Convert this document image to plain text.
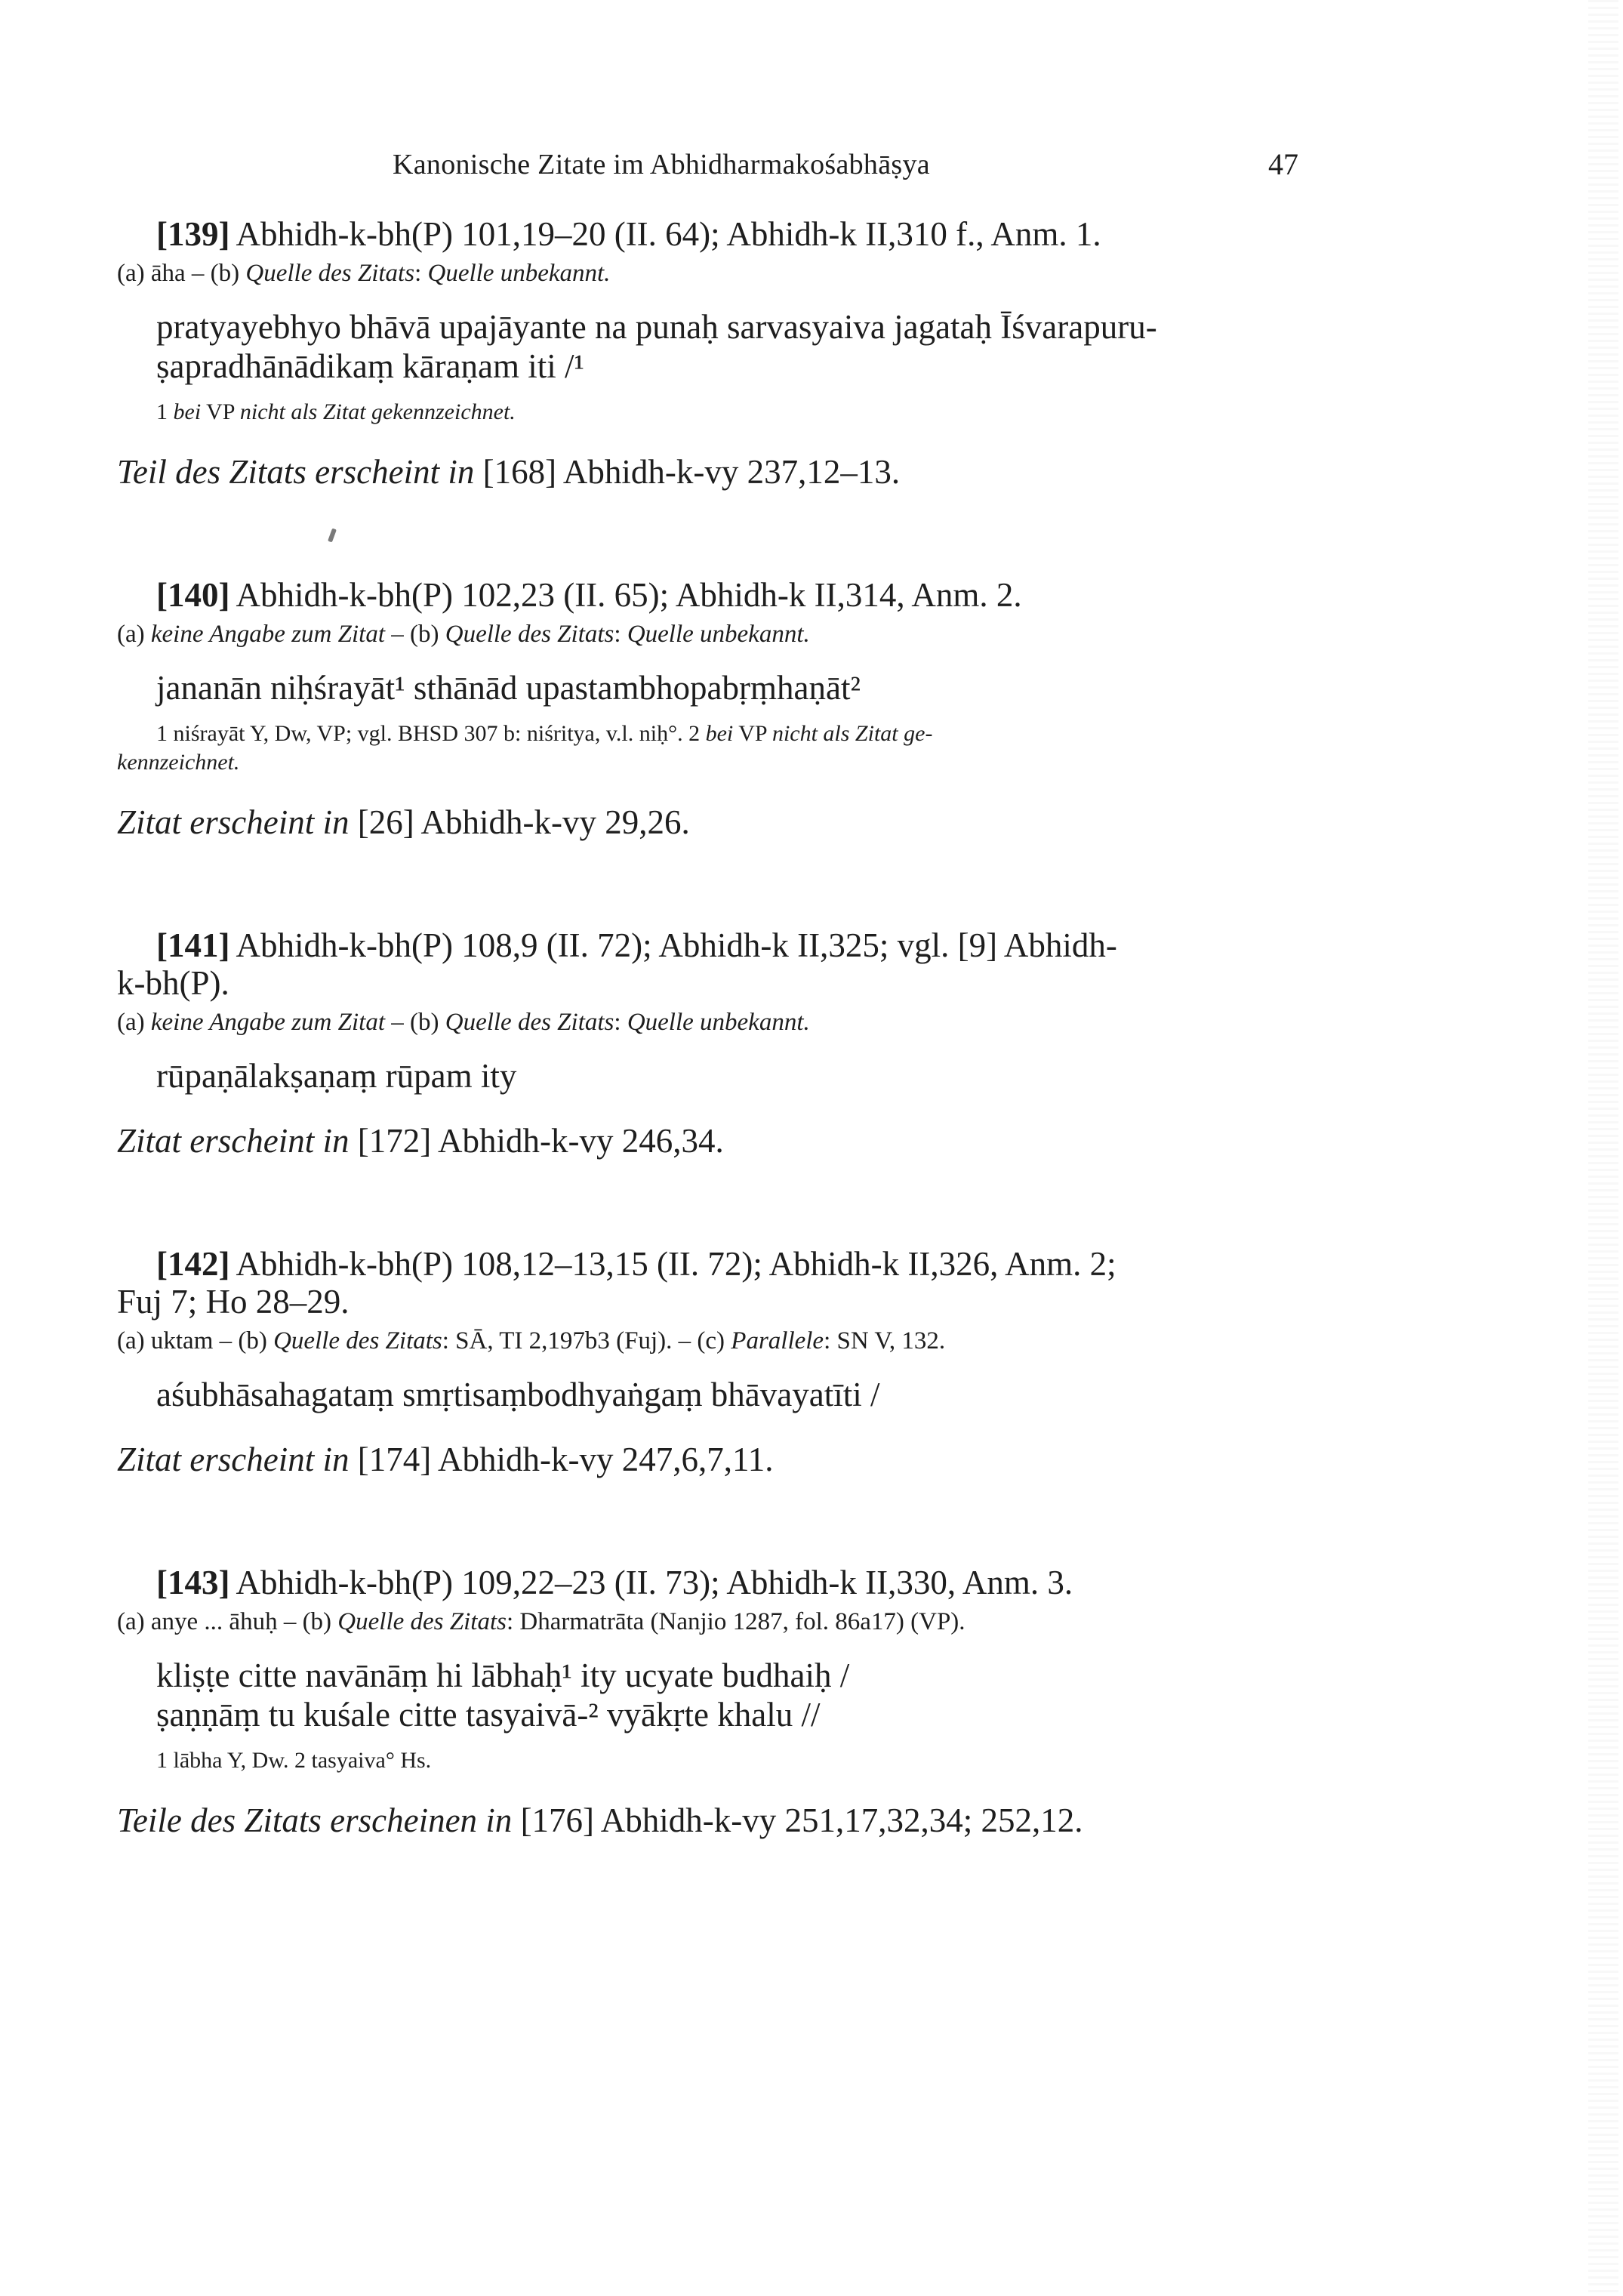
Kanonische Zitate im Abhidharmakośabhāṣya	47

[139] Abhidh-k-bh(P) 101,19–20 (II. 64); Abhidh-k II,310 f., Anm. 1.

(a) āha – (b) Quelle des Zitats: Quelle unbekannt.

pratyayebhyo bhāvā upajāyante na punaḥ sarvasyaiva jagataḥ Īśvarapuru-
ṣapradhānādikaṃ kāraṇam iti /¹

1 bei VP nicht als Zitat gekennzeichnet.

Teil des Zitats erscheint in [168] Abhidh-k-vy 237,12–13.

[140] Abhidh-k-bh(P) 102,23 (II. 65); Abhidh-k II,314, Anm. 2.

(a) keine Angabe zum Zitat – (b) Quelle des Zitats: Quelle unbekannt.

jananān niḥśrayāt¹ sthānād upastambhopabṛṃhaṇāt²

1 niśrayāt Y, Dw, VP; vgl. BHSD 307 b: niśritya, v.l. niḥ°. 2 bei VP nicht als Zitat ge-
kennzeichnet.

Zitat erscheint in [26] Abhidh-k-vy 29,26.

[141] Abhidh-k-bh(P) 108,9 (II. 72); Abhidh-k II,325; vgl. [9] Abhidh-
k-bh(P).

(a) keine Angabe zum Zitat – (b) Quelle des Zitats: Quelle unbekannt.

rūpaṇālakṣaṇaṃ rūpam ity

Zitat erscheint in [172] Abhidh-k-vy 246,34.

[142] Abhidh-k-bh(P) 108,12–13,15 (II. 72); Abhidh-k II,326, Anm. 2;
Fuj 7; Ho 28–29.

(a) uktam – (b) Quelle des Zitats: SĀ, TI 2,197b3 (Fuj). – (c) Parallele: SN V, 132.

aśubhāsahagataṃ smṛtisaṃbodhyaṅgaṃ bhāvayatīti /

Zitat erscheint in [174] Abhidh-k-vy 247,6,7,11.

[143] Abhidh-k-bh(P) 109,22–23 (II. 73); Abhidh-k II,330, Anm. 3.

(a) anye ... āhuḥ – (b) Quelle des Zitats: Dharmatrāta (Nanjio 1287, fol. 86a17) (VP).

kliṣṭe citte navānāṃ hi lābhaḥ¹ ity ucyate budhaiḥ /
ṣaṇṇāṃ tu kuśale citte tasyaivā-² vyākṛte khalu //

1 lābha Y, Dw. 2 tasyaiva° Hs.

Teile des Zitats erscheinen in [176] Abhidh-k-vy 251,17,32,34; 252,12.
